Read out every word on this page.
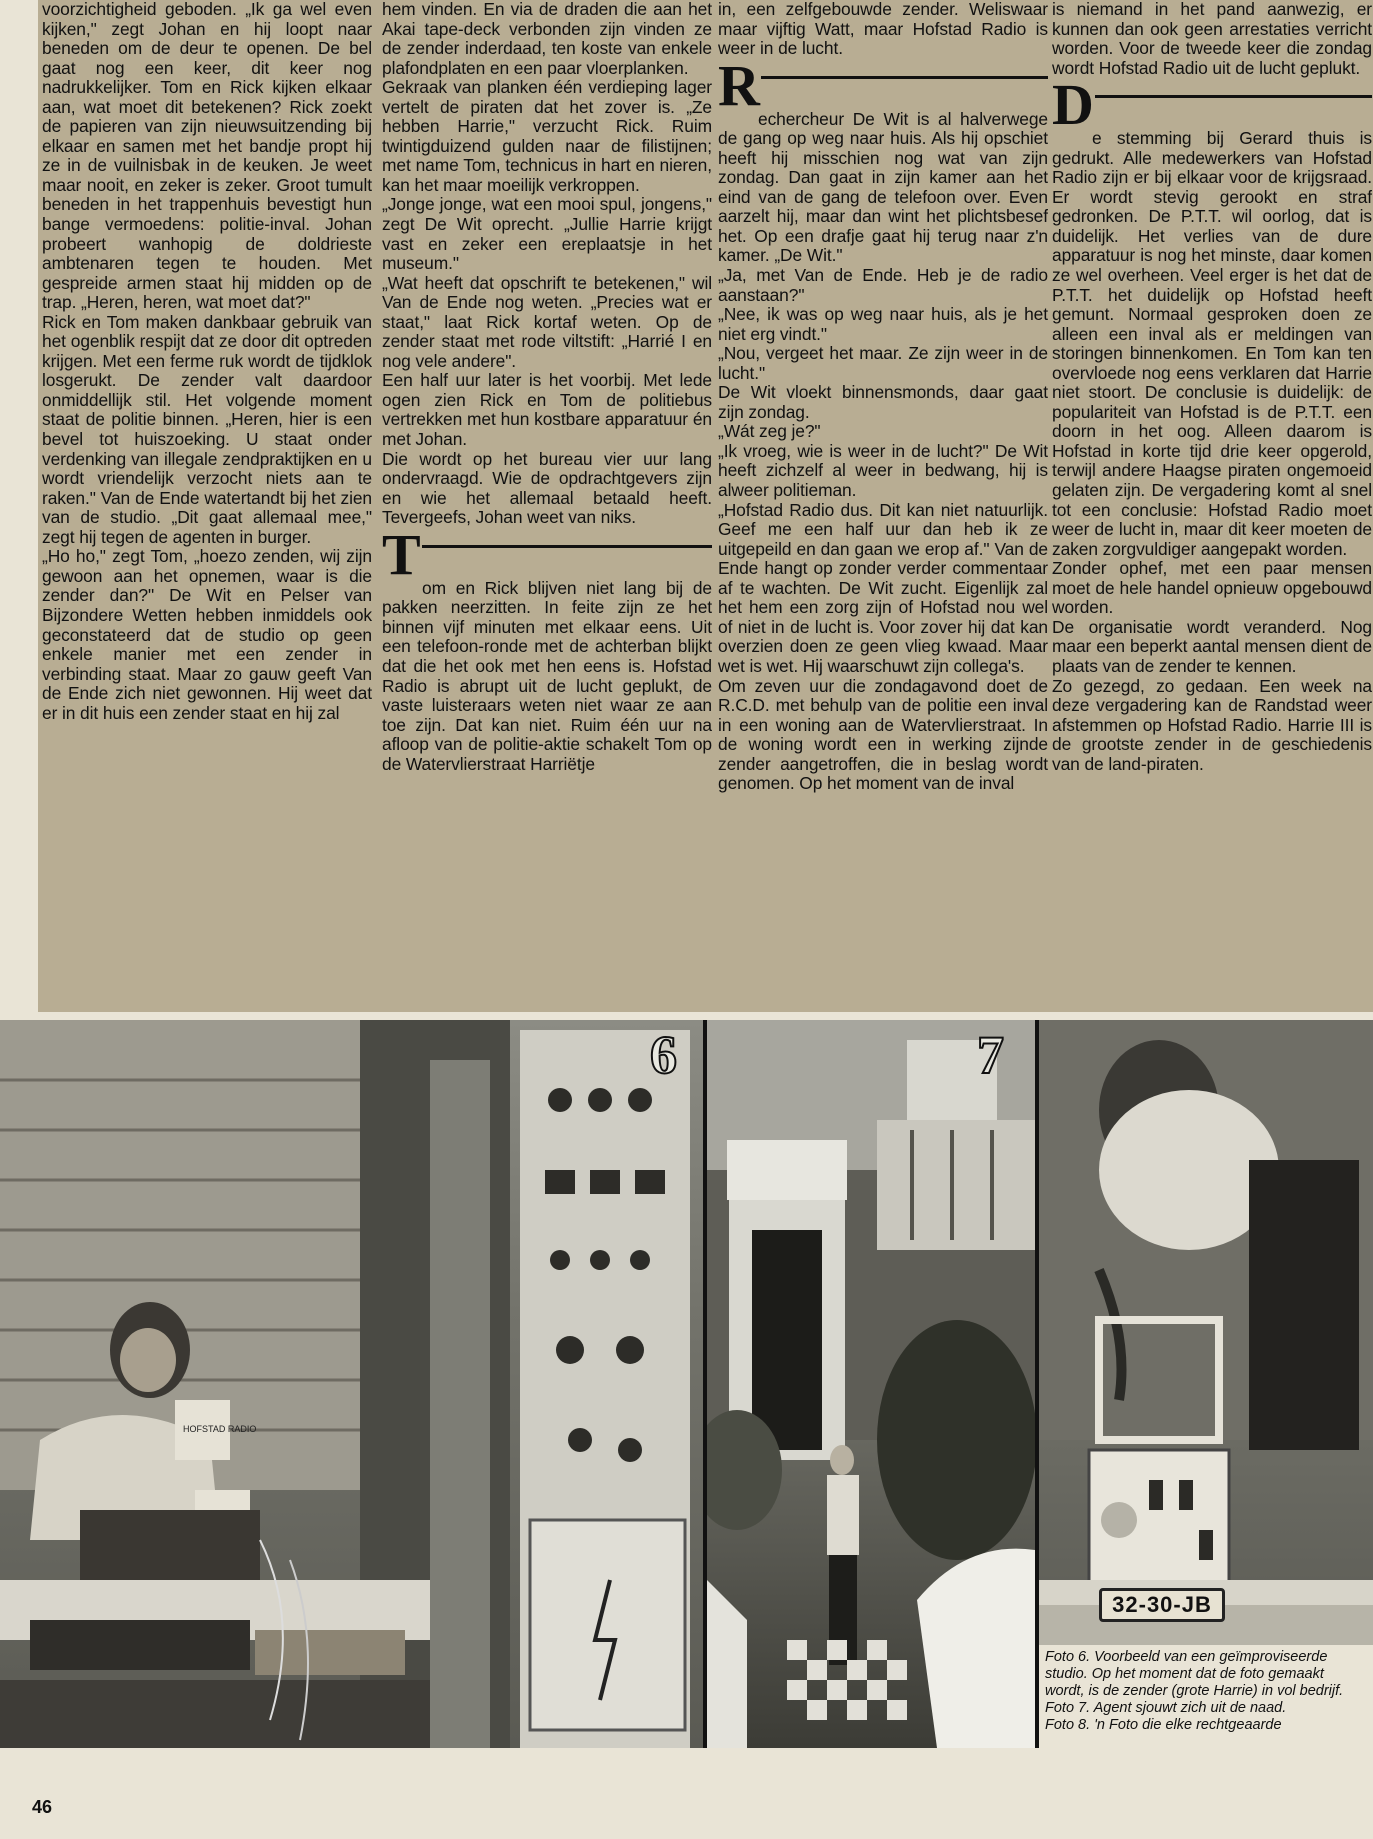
voorzichtigheid geboden. „Ik ga wel even kijken," zegt Johan en hij loopt naar beneden om de deur te openen. De bel gaat nog een keer, dit keer nog nadrukkelijker. Tom en Rick kijken elkaar aan, wat moet dit betekenen? Rick zoekt de papieren van zijn nieuwsuitzending bij elkaar en samen met het bandje propt hij ze in de vuilnisbak in de keuken. Je weet maar nooit, en zeker is zeker. Groot tumult beneden in het trappenhuis bevestigt hun bange vermoedens: politie-inval. Johan probeert wanhopig de doldrieste ambtenaren tegen te houden. Met gespreide armen staat hij midden op de trap. „Heren, heren, wat moet dat?"

Rick en Tom maken dankbaar gebruik van het ogenblik respijt dat ze door dit optreden krijgen. Met een ferme ruk wordt de tijdklok losgerukt. De zender valt daardoor onmiddellijk stil. Het volgende moment staat de politie binnen. „Heren, hier is een bevel tot huiszoeking. U staat onder verdenking van illegale zendpraktijken en u wordt vriendelijk verzocht niets aan te raken." Van de Ende watertandt bij het zien van de studio. „Dit gaat allemaal mee," zegt hij tegen de agenten in burger.

„Ho ho," zegt Tom, „hoezo zenden, wij zijn gewoon aan het opnemen, waar is die zender dan?" De Wit en Pelser van Bijzondere Wetten hebben inmiddels ook geconstateerd dat de studio op geen enkele manier met een zender in verbinding staat. Maar zo gauw geeft Van de Ende zich niet gewonnen. Hij weet dat er in dit huis een zender staat en hij zal

hem vinden. En via de draden die aan het Akai tape-deck verbonden zijn vinden ze de zender inderdaad, ten koste van enkele plafondplaten en een paar vloerplanken.

Gekraak van planken één verdieping lager vertelt de piraten dat het zover is. „Ze hebben Harrie," verzucht Rick. Ruim twintigduizend gulden naar de filistijnen; met name Tom, technicus in hart en nieren, kan het maar moeilijk verkroppen.

„Jonge jonge, wat een mooi spul, jongens," zegt De Wit oprecht. „Jullie Harrie krijgt vast en zeker een ereplaatsje in het museum."

„Wat heeft dat opschrift te betekenen," wil Van de Ende nog weten. „Precies wat er staat," laat Rick kortaf weten. Op de zender staat met rode viltstift: „Harrié I en nog vele andere".

Een half uur later is het voorbij. Met lede ogen zien Rick en Tom de politiebus vertrekken met hun kostbare apparatuur én met Johan.

Die wordt op het bureau vier uur lang ondervraagd. Wie de opdrachtgevers zijn en wie het allemaal betaald heeft. Tevergeefs, Johan weet van niks.

T

om en Rick blijven niet lang bij de pakken neerzitten. In feite zijn ze het binnen vijf minuten met elkaar eens. Uit een telefoon-ronde met de achterban blijkt dat die het ook met hen eens is. Hofstad Radio is abrupt uit de lucht geplukt, de vaste luisteraars weten niet waar ze aan toe zijn. Dat kan niet. Ruim één uur na afloop van de politie-aktie schakelt Tom op de Watervlierstraat Harriëtje

in, een zelfgebouwde zender. Weliswaar maar vijftig Watt, maar Hofstad Radio is weer in de lucht.

R

echercheur De Wit is al halverwege de gang op weg naar huis. Als hij opschiet heeft hij misschien nog wat van zijn zondag. Dan gaat in zijn kamer aan het eind van de gang de telefoon over. Even aarzelt hij, maar dan wint het plichtsbesef het. Op een drafje gaat hij terug naar z'n kamer. „De Wit."

„Ja, met Van de Ende. Heb je de radio aanstaan?"

„Nee, ik was op weg naar huis, als je het niet erg vindt."

„Nou, vergeet het maar. Ze zijn weer in de lucht."

De Wit vloekt binnensmonds, daar gaat zijn zondag.

„Wát zeg je?"

„Ik vroeg, wie is weer in de lucht?" De Wit heeft zichzelf al weer in bedwang, hij is alweer politieman.

„Hofstad Radio dus. Dit kan niet natuurlijk. Geef me een half uur dan heb ik ze uitgepeild en dan gaan we erop af." Van de Ende hangt op zonder verder commentaar af te wachten. De Wit zucht. Eigenlijk zal het hem een zorg zijn of Hofstad nou wel of niet in de lucht is. Voor zover hij dat kan overzien doen ze geen vlieg kwaad. Maar wet is wet. Hij waarschuwt zijn collega's.

Om zeven uur die zondagavond doet de R.C.D. met behulp van de politie een inval in een woning aan de Watervlierstraat. In de woning wordt een in werking zijnde zender aangetroffen, die in beslag wordt genomen. Op het moment van de inval

is niemand in het pand aanwezig, er kunnen dan ook geen arrestaties verricht worden. Voor de tweede keer die zondag wordt Hofstad Radio uit de lucht geplukt.

D

e stemming bij Gerard thuis is gedrukt. Alle medewerkers van Hofstad Radio zijn er bij elkaar voor de krijgsraad. Er wordt stevig gerookt en straf gedronken. De P.T.T. wil oorlog, dat is duidelijk. Het verlies van de dure apparatuur is nog het minste, daar komen ze wel overheen. Veel erger is het dat de P.T.T. het duidelijk op Hofstad heeft gemunt. Normaal gesproken doen ze alleen een inval als er meldingen van storingen binnenkomen. En Tom kan ten overvloede nog eens verklaren dat Harrie niet stoort. De conclusie is duidelijk: de populariteit van Hofstad is de P.T.T. een doorn in het oog. Alleen daarom is Hofstad in korte tijd drie keer opgerold, terwijl andere Haagse piraten ongemoeid gelaten zijn. De vergadering komt al snel tot een conclusie: Hofstad Radio moet weer de lucht in, maar dit keer moeten de zaken zorgvuldiger aangepakt worden.

Zonder ophef, met een paar mensen moet de hele handel opnieuw opgebouwd worden.

De organisatie wordt veranderd. Nog maar een beperkt aantal mensen dient de plaats van de zender te kennen.

Zo gezegd, zo gedaan. Een week na deze vergadering kan de Randstad weer afstemmen op Hofstad Radio. Harrie III is de grootste zender in de geschiedenis van de land-piraten.

HOFSTAD RADIO
6	7
32-30-JB

Foto 6. Voorbeeld van een geïmproviseerde studio. Op het moment dat de foto gemaakt wordt, is de zender (grote Harrie) in vol bedrijf.

Foto 7. Agent sjouwt zich uit de naad.

Foto 8. 'n Foto die elke rechtgeaarde

46
